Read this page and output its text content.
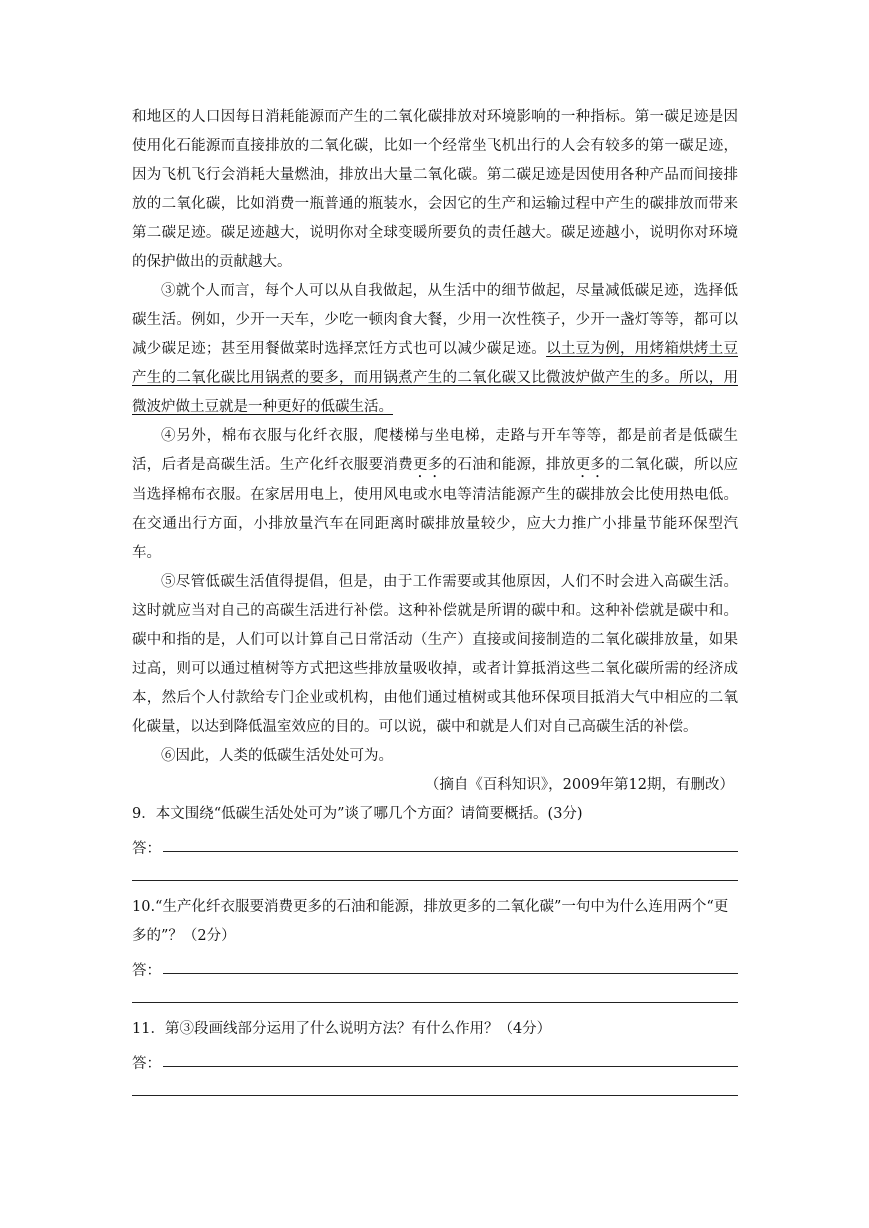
和地区的人口因每日消耗能源而产生的二氧化碳排放对环境影响的一种指标。第一碳足迹是因使用化石能源而直接排放的二氧化碳，比如一个经常坐飞机出行的人会有较多的第一碳足迹，因为飞机飞行会消耗大量燃油，排放出大量二氧化碳。第二碳足迹是因使用各种产品而间接排放的二氧化碳，比如消费一瓶普通的瓶装水，会因它的生产和运输过程中产生的碳排放而带来第二碳足迹。碳足迹越大，说明你对全球变暖所要负的责任越大。碳足迹越小，说明你对环境的保护做出的贡献越大。

③就个人而言，每个人可以从自我做起，从生活中的细节做起，尽量减低碳足迹，选择低碳生活。例如，少开一天车，少吃一顿肉食大餐，少用一次性筷子，少开一盏灯等等，都可以减少碳足迹；甚至用餐做菜时选择烹饪方式也可以减少碳足迹。以土豆为例，用烤箱烘烤土豆产生的二氧化碳比用锅煮的要多，而用锅煮产生的二氧化碳又比微波炉做产生的多。所以，用微波炉做土豆就是一种更好的低碳生活。

④另外，棉布衣服与化纤衣服，爬楼梯与坐电梯，走路与开车等等，都是前者是低碳生活，后者是高碳生活。生产化纤衣服要消费更多的石油和能源，排放更多的二氧化碳，所以应当选择棉布衣服。在家居用电上，使用风电或水电等清洁能源产生的碳排放会比使用热电低。在交通出行方面，小排放量汽车在同距离时碳排放量较少，应大力推广小排量节能环保型汽车。

⑤尽管低碳生活值得提倡，但是，由于工作需要或其他原因，人们不时会进入高碳生活。这时就应当对自己的高碳生活进行补偿。这种补偿就是所谓的碳中和。这种补偿就是碳中和。碳中和指的是，人们可以计算自己日常活动（生产）直接或间接制造的二氧化碳排放量，如果过高，则可以通过植树等方式把这些排放量吸收掉，或者计算抵消这些二氧化碳所需的经济成本，然后个人付款给专门企业或机构，由他们通过植树或其他环保项目抵消大气中相应的二氧化碳量，以达到降低温室效应的目的。可以说，碳中和就是人们对自己高碳生活的补偿。

⑥因此，人类的低碳生活处处可为。

（摘自《百科知识》，2009年第12期，有删改）

9．本文围绕“低碳生活处处可为”谈了哪几个方面？请简要概括。(3分)

答：

10.“生产化纤衣服要消费更多的石油和能源，排放更多的二氧化碳”一句中为什么连用两个“更多的”？（2分）

答：

11．第③段画线部分运用了什么说明方法？有什么作用？（4分）

答：
